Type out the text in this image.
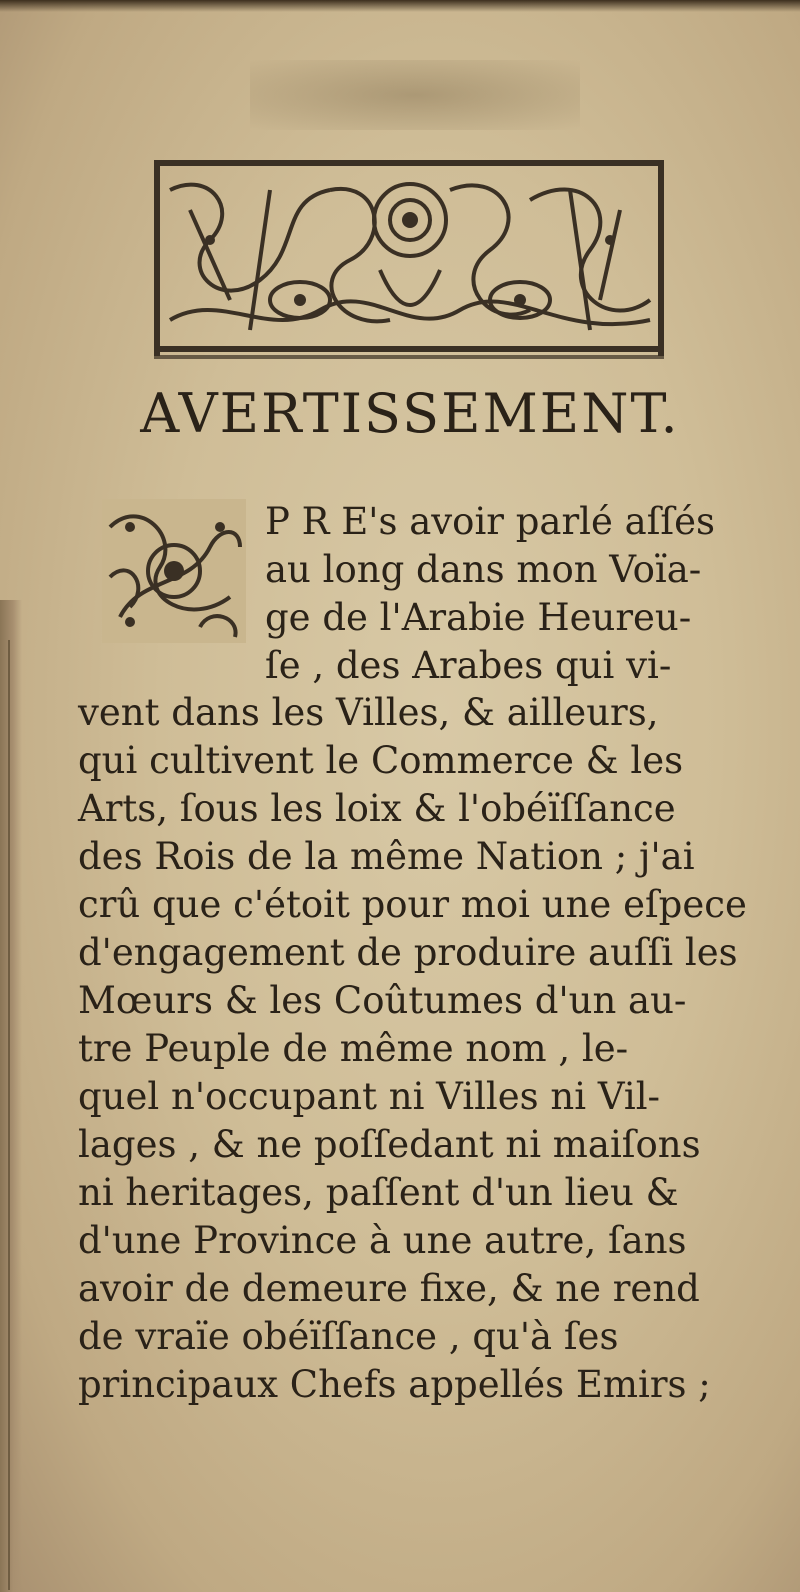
AVERTISSEMENT.
P R E's avoir parlé aſſés
au long dans mon Voïa-
ge de l'Arabie Heureu-
ſe , des Arabes qui vi-
vent dans les Villes, & ailleurs,
qui cultivent le Commerce & les
Arts, ſous les loix & l'obéïſſance
des Rois de la même Nation ; j'ai
crû que c'étoit pour moi une eſpece
d'engagement de produire auſſi les
Mœurs & les Coûtumes d'un au-
tre Peuple de même nom , le-
quel n'occupant ni Villes ni Vil-
lages , & ne poſſedant ni maiſons
ni heritages, paſſent d'un lieu &
d'une Province à une autre, ſans
avoir de demeure fixe, & ne rend
de vraïe obéïſſance , qu'à ſes
principaux Chefs appellés Emirs ;
